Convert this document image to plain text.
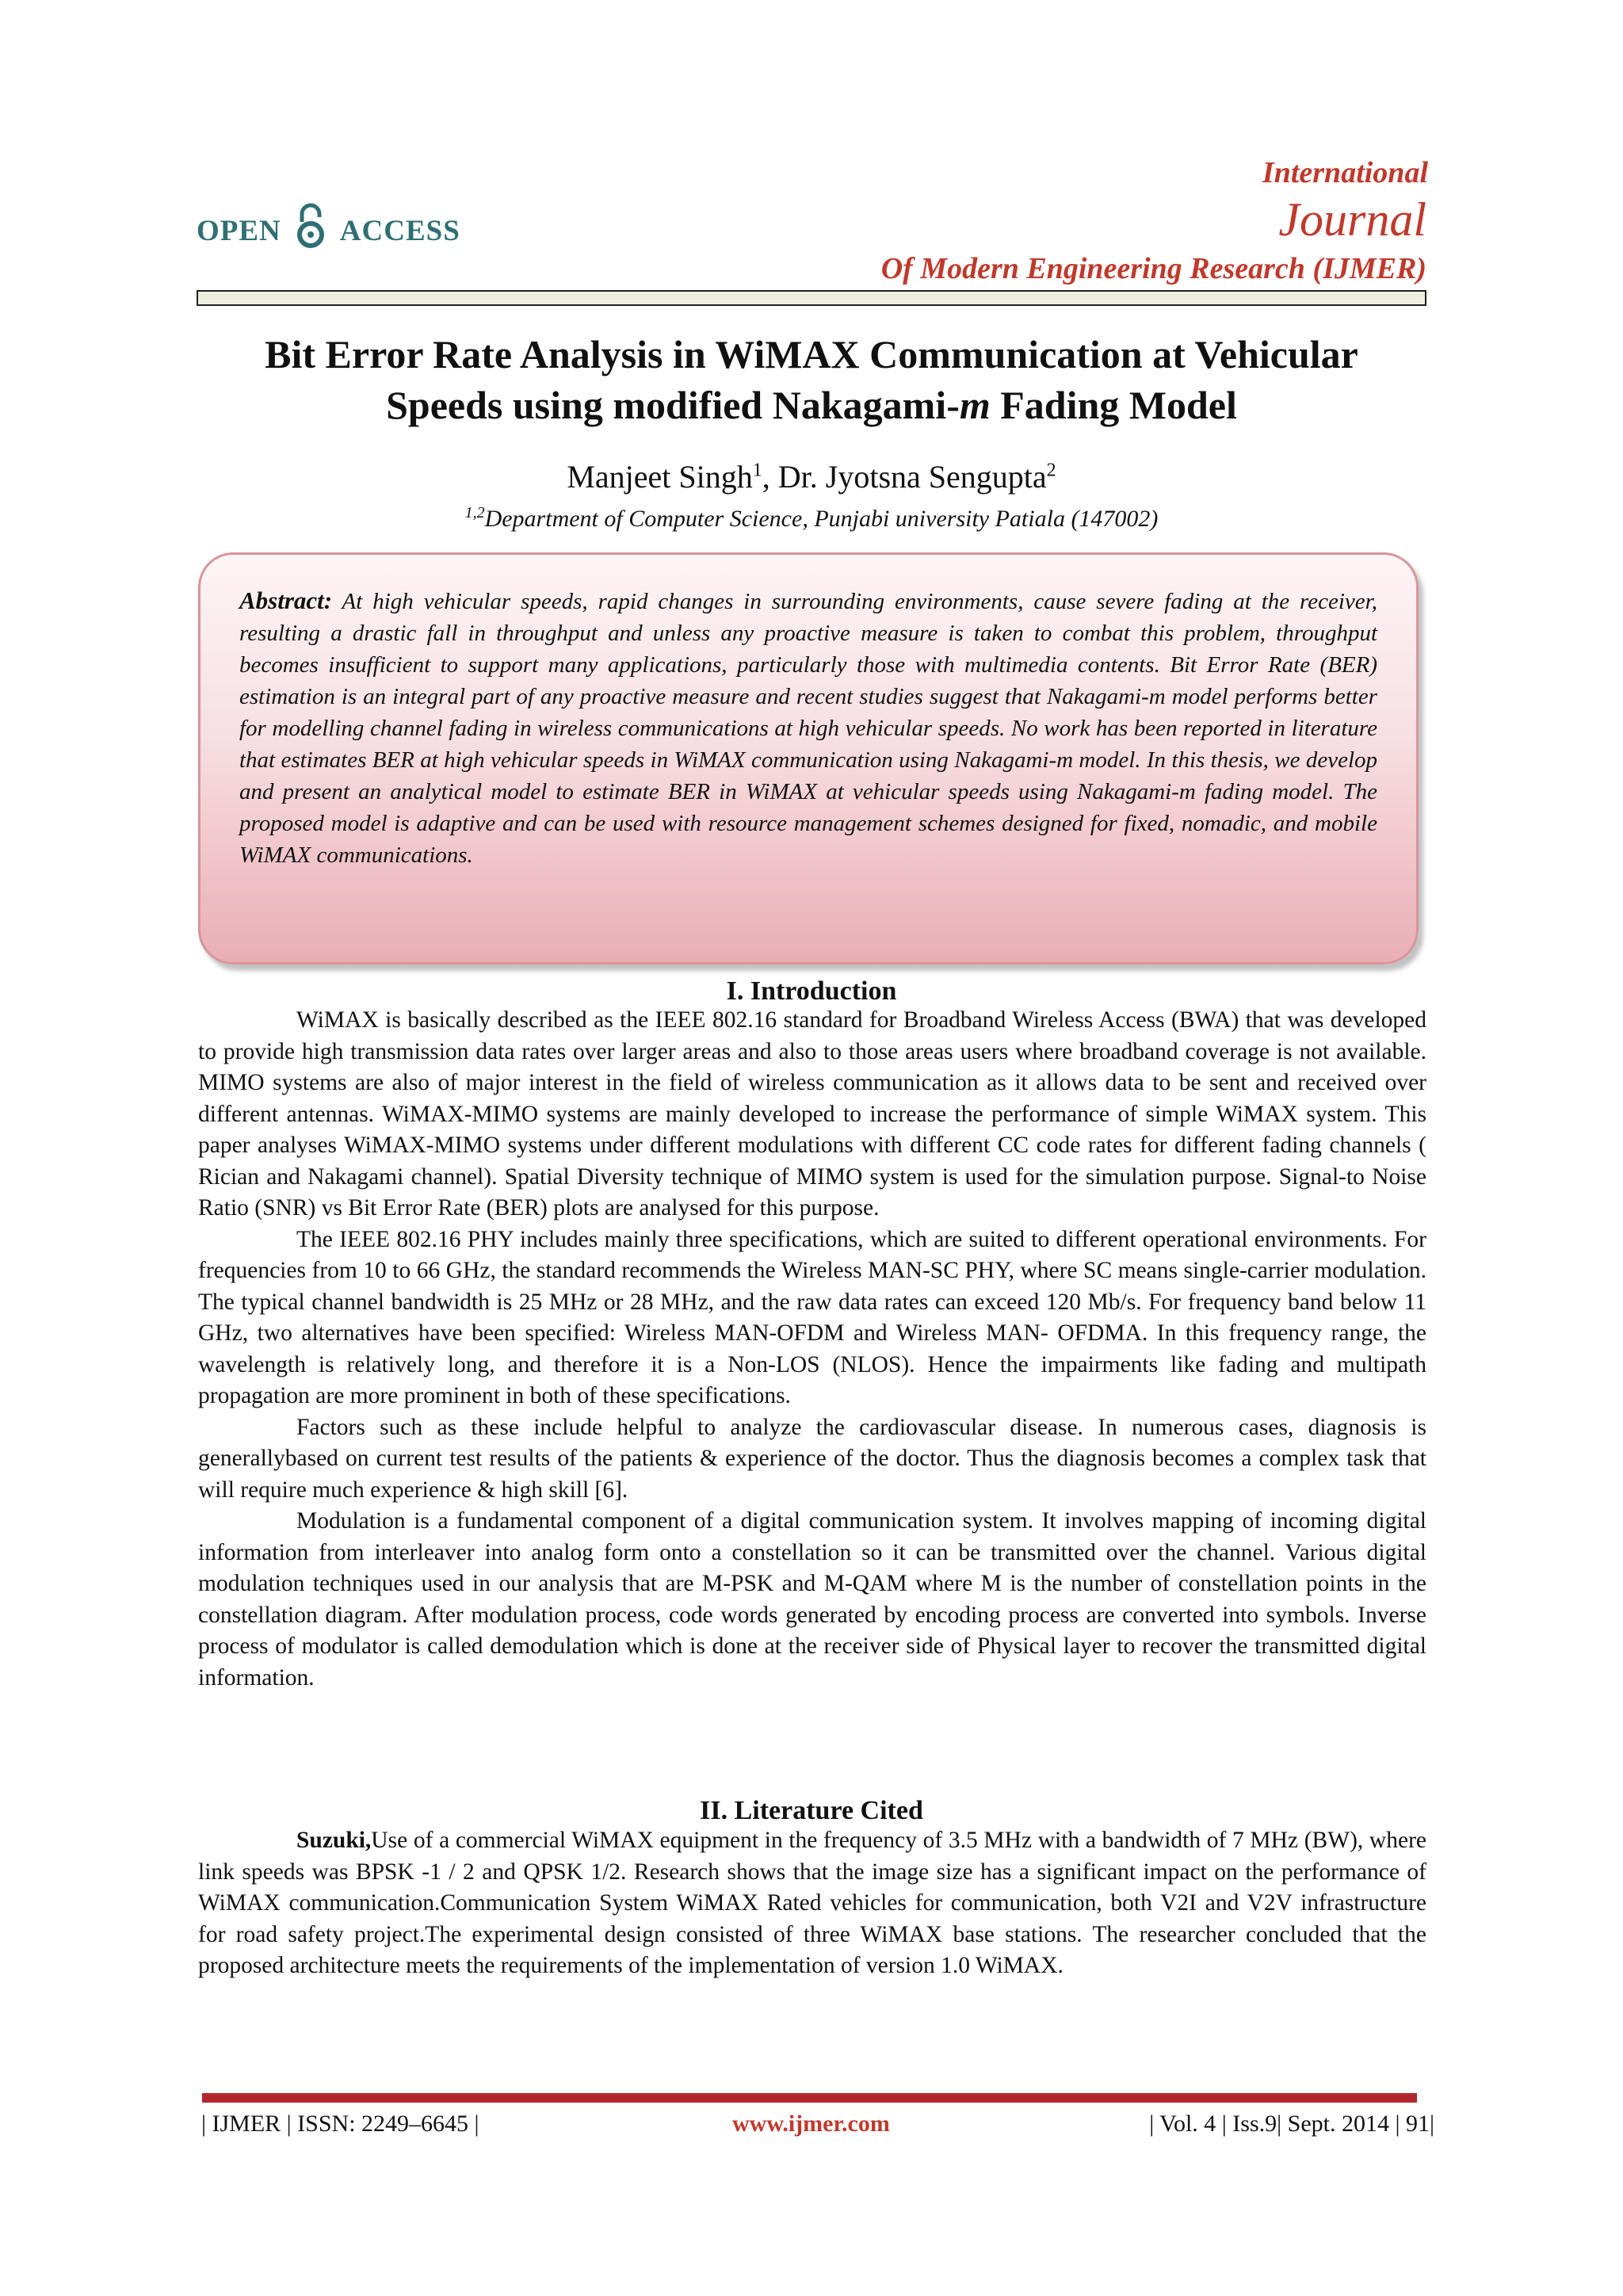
OPEN ACCESS
International
Journal
Of Modern Engineering Research (IJMER)
Bit Error Rate Analysis in WiMAX Communication at Vehicular
Speeds using modified Nakagami-m Fading Model
Manjeet Singh$^1$, Dr. Jyotsna Sengupta$^2$
$^{1,2}$Department of Computer Science, Punjabi university Patiala (147002)
Abstract: At high vehicular speeds, rapid changes in surrounding environments, cause severe fading at the receiver, resulting a drastic fall in throughput and unless any proactive measure is taken to combat this problem, throughput becomes insufficient to support many applications, particularly those with multimedia contents. Bit Error Rate (BER) estimation is an integral part of any proactive measure and recent studies suggest that Nakagami-m model performs better for modelling channel fading in wireless communications at high vehicular speeds. No work has been reported in literature that estimates BER at high vehicular speeds in WiMAX communication using Nakagami-m model. In this thesis, we develop and present an analytical model to estimate BER in WiMAX at vehicular speeds using Nakagami-m fading model. The proposed model is adaptive and can be used with resource management schemes designed for fixed, nomadic, and mobile WiMAX communications.
I. Introduction

WiMAX is basically described as the IEEE 802.16 standard for Broadband Wireless Access (BWA) that was developed to provide high transmission data rates over larger areas and also to those areas users where broadband coverage is not available. MIMO systems are also of major interest in the field of wireless communication as it allows data to be sent and received over different antennas. WiMAX-MIMO systems are mainly developed to increase the performance of simple WiMAX system. This paper analyses WiMAX-MIMO systems under different modulations with different CC code rates for different fading channels ( Rician and Nakagami channel). Spatial Diversity technique of MIMO system is used for the simulation purpose. Signal-to Noise Ratio (SNR) vs Bit Error Rate (BER) plots are analysed for this purpose.

The IEEE 802.16 PHY includes mainly three specifications, which are suited to different operational environments. For frequencies from 10 to 66 GHz, the standard recommends the Wireless MAN-SC PHY, where SC means single-carrier modulation. The typical channel bandwidth is 25 MHz or 28 MHz, and the raw data rates can exceed 120 Mb/s. For frequency band below 11 GHz, two alternatives have been specified: Wireless MAN-OFDM and Wireless MAN- OFDMA. In this frequency range, the wavelength is relatively long, and therefore it is a Non-LOS (NLOS). Hence the impairments like fading and multipath propagation are more prominent in both of these specifications.

Factors such as these include helpful to analyze the cardiovascular disease. In numerous cases, diagnosis is generallybased on current test results of the patients & experience of the doctor. Thus the diagnosis becomes a complex task that will require much experience & high skill [6].

Modulation is a fundamental component of a digital communication system. It involves mapping of incoming digital information from interleaver into analog form onto a constellation so it can be transmitted over the channel. Various digital modulation techniques used in our analysis that are M-PSK and M-QAM where M is the number of constellation points in the constellation diagram. After modulation process, code words generated by encoding process are converted into symbols. Inverse process of modulator is called demodulation which is done at the receiver side of Physical layer to recover the transmitted digital information.

II. Literature Cited

Suzuki,Use of a commercial WiMAX equipment in the frequency of 3.5 MHz with a bandwidth of 7 MHz (BW), where link speeds was BPSK -1 / 2 and QPSK 1/2. Research shows that the image size has a significant impact on the performance of WiMAX communication.Communication System WiMAX Rated vehicles for communication, both V2I and V2V infrastructure for road safety project.The experimental design consisted of three WiMAX base stations. The researcher concluded that the proposed architecture meets the requirements of the implementation of version 1.0 WiMAX.

| IJMER | ISSN: 2249–6645 |	www.ijmer.com	| Vol. 4 | Iss.9| Sept. 2014 | 91|
